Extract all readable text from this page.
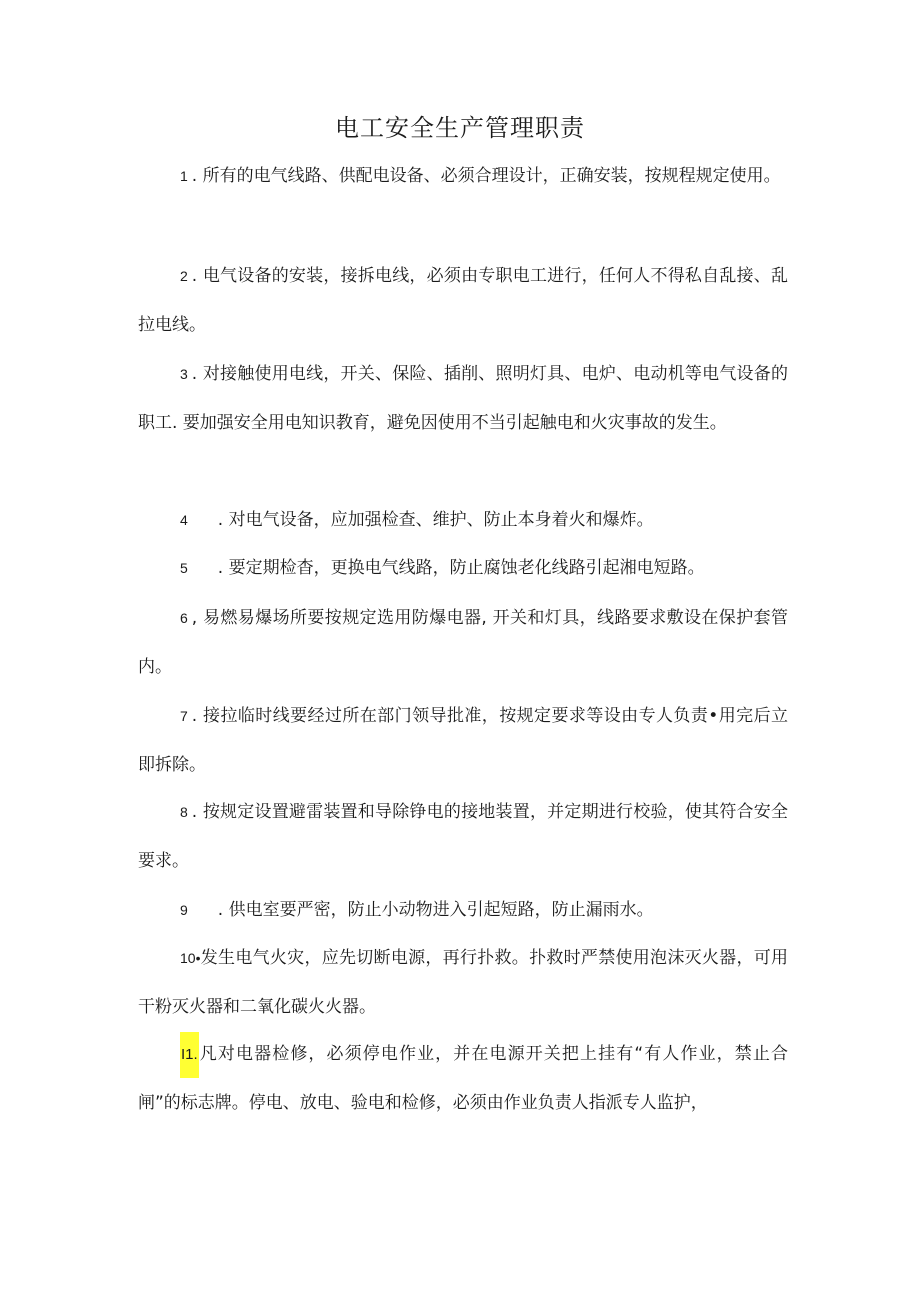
电工安全生产管理职责
1 . 所有的电气线路、供配电设备、必须合理设计，正确安装，按规程规定使用。
2 . 电气设备的安装，接拆电线，必须由专职电工进行，任何人不得私自乱接、乱拉电线。
3 . 对接触使用电线，开关、保险、插削、照明灯具、电炉、电动机等电气设备的职工. 要加强安全用电知识教育，避免因使用不当引起触电和火灾事故的发生。
4 . 对电气设备，应加强检查、维护、防止本身着火和爆炸。
5 . 要定期检杳，更换电气线路，防止腐蚀老化线路引起湘电短路。
6 , 易燃易爆场所要按规定选用防爆电器, 开关和灯具，线路要求敷设在保护套管内。
7 . 接拉临时线要经过所在部门领导批准，按规定要求等设由专人负责•用完后立即拆除。
8 . 按规定设置避雷装置和导除铮电的接地装置，并定期进行校验，使其符合安全要求。
9 . 供电室要严密，防止小动物进入引起短路，防止漏雨水。
10•发生电气火灾，应先切断电源，再行扑救。扑救时严禁使用泡沫灭火器，可用干粉灭火器和二氧化碳火火器。
I1.凡对电器检修，必须停电作业，并在电源开关把上挂有“有人作业，禁止合闸”的标志牌。停电、放电、验电和检修，必须由作业负责人指派专人监护，
